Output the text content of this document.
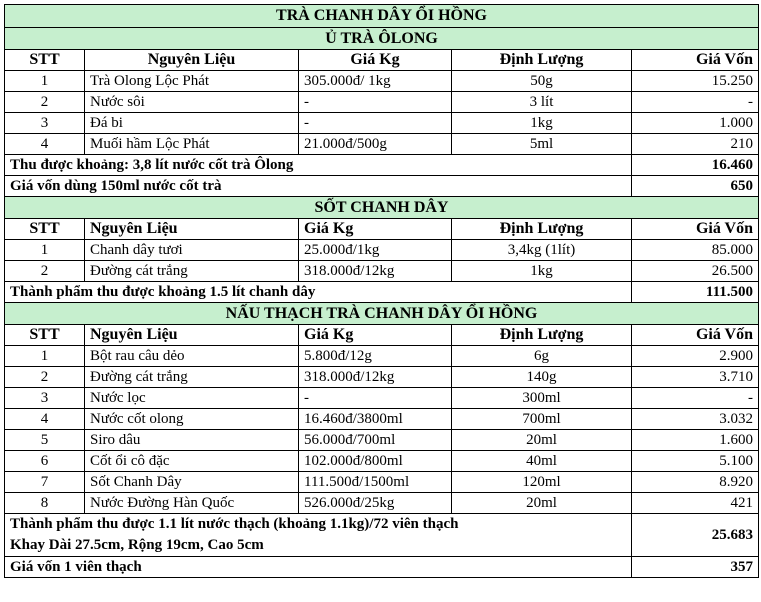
TRÀ CHANH DÂY ỔI HỒNG				
Ủ TRÀ ÔLONG				
STT	Nguyên Liệu	Giá Kg	Định Lượng	Giá Vốn
1	Trà Olong Lộc Phát	305.000đ/ 1kg	50g	15.250
2	Nước sôi	-	3 lít	-
3	Đá bi	-	1kg	1.000
4	Muối hầm Lộc Phát	21.000đ/500g	5ml	210
Thu được khoảng: 3,8 lít nước cốt trà Ôlong				16.460
Giá vốn dùng 150ml nước cốt trà				650
SỐT CHANH DÂY				
STT	Nguyên Liệu	Giá Kg	Định Lượng	Giá Vốn
1	Chanh dây tươi	25.000đ/1kg	3,4kg (1lít)	85.000
2	Đường cát trắng	318.000đ/12kg	1kg	26.500
Thành phẩm thu được khoảng 1.5 lít chanh dây				111.500
NẤU THẠCH TRÀ CHANH DÂY ỔI HỒNG				
STT	Nguyên Liệu	Giá Kg	Định Lượng	Giá Vốn
1	Bột rau câu dẻo	5.800đ/12g	6g	2.900
2	Đường cát trắng	318.000đ/12kg	140g	3.710
3	Nước lọc	-	300ml	-
4	Nước cốt olong	16.460đ/3800ml	700ml	3.032
5	Siro dâu	56.000đ/700ml	20ml	1.600
6	Cốt ổi cô đặc	102.000đ/800ml	40ml	5.100
7	Sốt Chanh Dây	111.500đ/1500ml	120ml	8.920
8	Nước Đường Hàn Quốc	526.000đ/25kg	20ml	421

Thành phẩm thu được 1.1 lít nước thạch (khoảng 1.1kg)/72 viên thạch
Khay Dài 27.5cm, Rộng 19cm, Cao 5cm				25.683
Giá vốn 1 viên thạch				357
